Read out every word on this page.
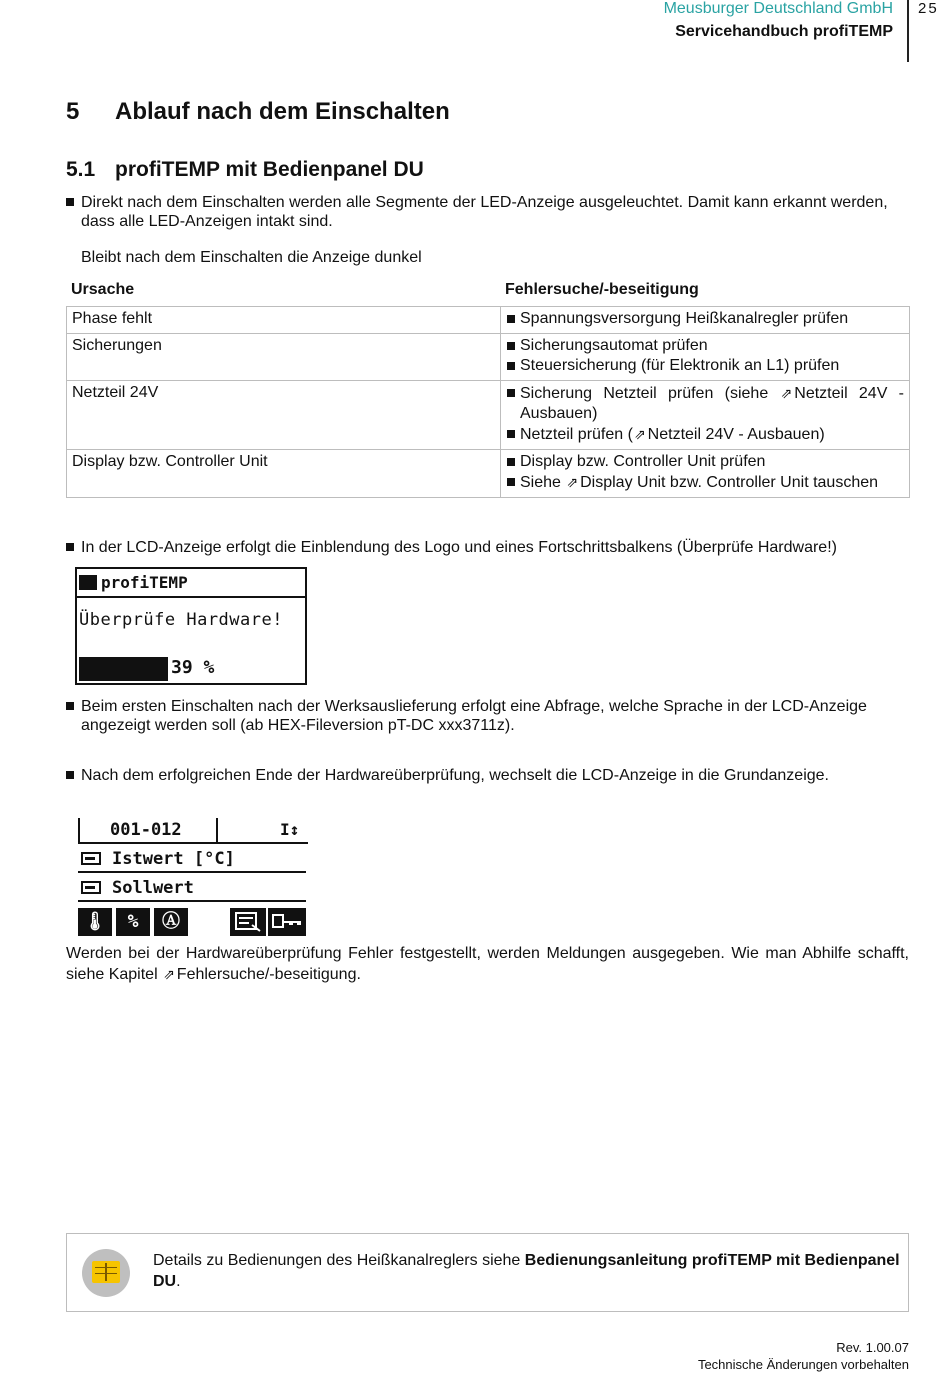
Meusburger Deutschland GmbH
Servicehandbuch profiTEMP
25
5 Ablauf nach dem Einschalten
5.1 profiTEMP mit Bedienpanel DU
Direkt nach dem Einschalten werden alle Segmente der LED-Anzeige ausgeleuchtet. Damit kann erkannt werden, dass alle LED-Anzeigen intakt sind.
Bleibt nach dem Einschalten die Anzeige dunkel
Ursache	Fehlersuche/-beseitigung
Phase fehlt	Spannungsversorgung Heißkanalregler prüfen

Sicherungen	Sicherungsautomat prüfen
Steuersicherung (für Elektronik an L1) prüfen

Netzteil 24V	Sicherung Netzteil prüfen (siehe ⇗ Netzteil 24V - Ausbauen)
Netzteil prüfen (⇗ Netzteil 24V - Ausbauen)

Display bzw. Controller Unit	Display bzw. Controller Unit prüfen
Siehe ⇗ Display Unit bzw. Controller Unit tauschen
In der LCD-Anzeige erfolgt die Einblendung des Logo und eines Fortschrittsbalkens (Überprüfe Hardware!)
profiTEMP
Überprüfe Hardware!
39 %
Beim ersten Einschalten nach der Werksauslieferung erfolgt eine Abfrage, welche Sprache in der LCD-Anzeige angezeigt werden soll (ab HEX-Fileversion pT-DC xxx3711z).
Nach dem erfolgreichen Ende der Hardwareüberprüfung, wechselt die LCD-Anzeige in die Grundanzeige.
001-012	I↕
Istwert [°C]
Sollwert
🌡	%	Ⓐ
Werden bei der Hardwareüberprüfung Fehler festgestellt, werden Meldungen ausgegeben. Wie man Abhilfe schafft, siehe Kapitel ⇗ Fehlersuche/-beseitigung.
Details zu Bedienungen des Heißkanalreglers siehe Bedienungsanleitung profiTEMP mit Bedienpanel DU.
Rev. 1.00.07
Technische Änderungen vorbehalten
